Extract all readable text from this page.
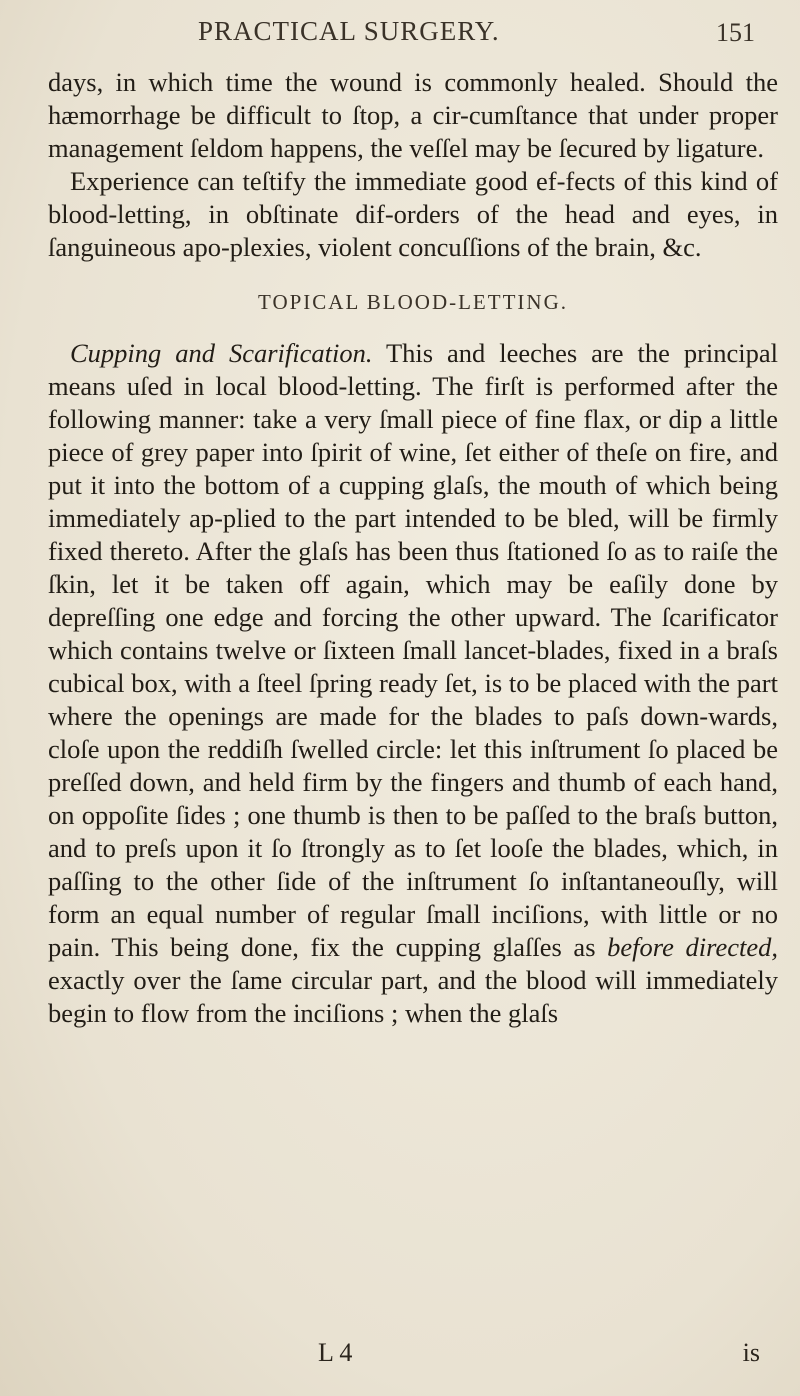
PRACTICAL SURGERY.	151

days, in which time the wound is commonly healed. Should the hæmorrhage be difficult to ſtop, a cir-cumſtance that under proper management ſeldom happens, the veſſel may be ſecured by ligature.

Experience can teſtify the immediate good ef-fects of this kind of blood-letting, in obſtinate dif-orders of the head and eyes, in ſanguineous apo-plexies, violent concuſſions of the brain, &c.

TOPICAL BLOOD-LETTING.

Cupping and Scarification. This and leeches are the principal means uſed in local blood-letting. The firſt is performed after the following manner: take a very ſmall piece of fine flax, or dip a little piece of grey paper into ſpirit of wine, ſet either of theſe on fire, and put it into the bottom of a cupping glaſs, the mouth of which being immediately ap-plied to the part intended to be bled, will be firmly fixed thereto. After the glaſs has been thus ſtationed ſo as to raiſe the ſkin, let it be taken off again, which may be eaſily done by depreſſing one edge and forcing the other upward. The ſcarificator which contains twelve or ſixteen ſmall lancet-blades, fixed in a braſs cubical box, with a ſteel ſpring ready ſet, is to be placed with the part where the openings are made for the blades to paſs down-wards, cloſe upon the reddiſh ſwelled circle: let this inſtrument ſo placed be preſſed down, and held firm by the fingers and thumb of each hand, on oppoſite ſides ; one thumb is then to be paſſed to the braſs button, and to preſs upon it ſo ſtrongly as to ſet looſe the blades, which, in paſſing to the other ſide of the inſtrument ſo inſtantaneouſly, will form an equal number of regular ſmall inciſions, with little or no pain. This being done, fix the cupping glaſſes as before directed, exactly over the ſame circular part, and the blood will immediately begin to flow from the inciſions ; when the glaſs

L 4	is
